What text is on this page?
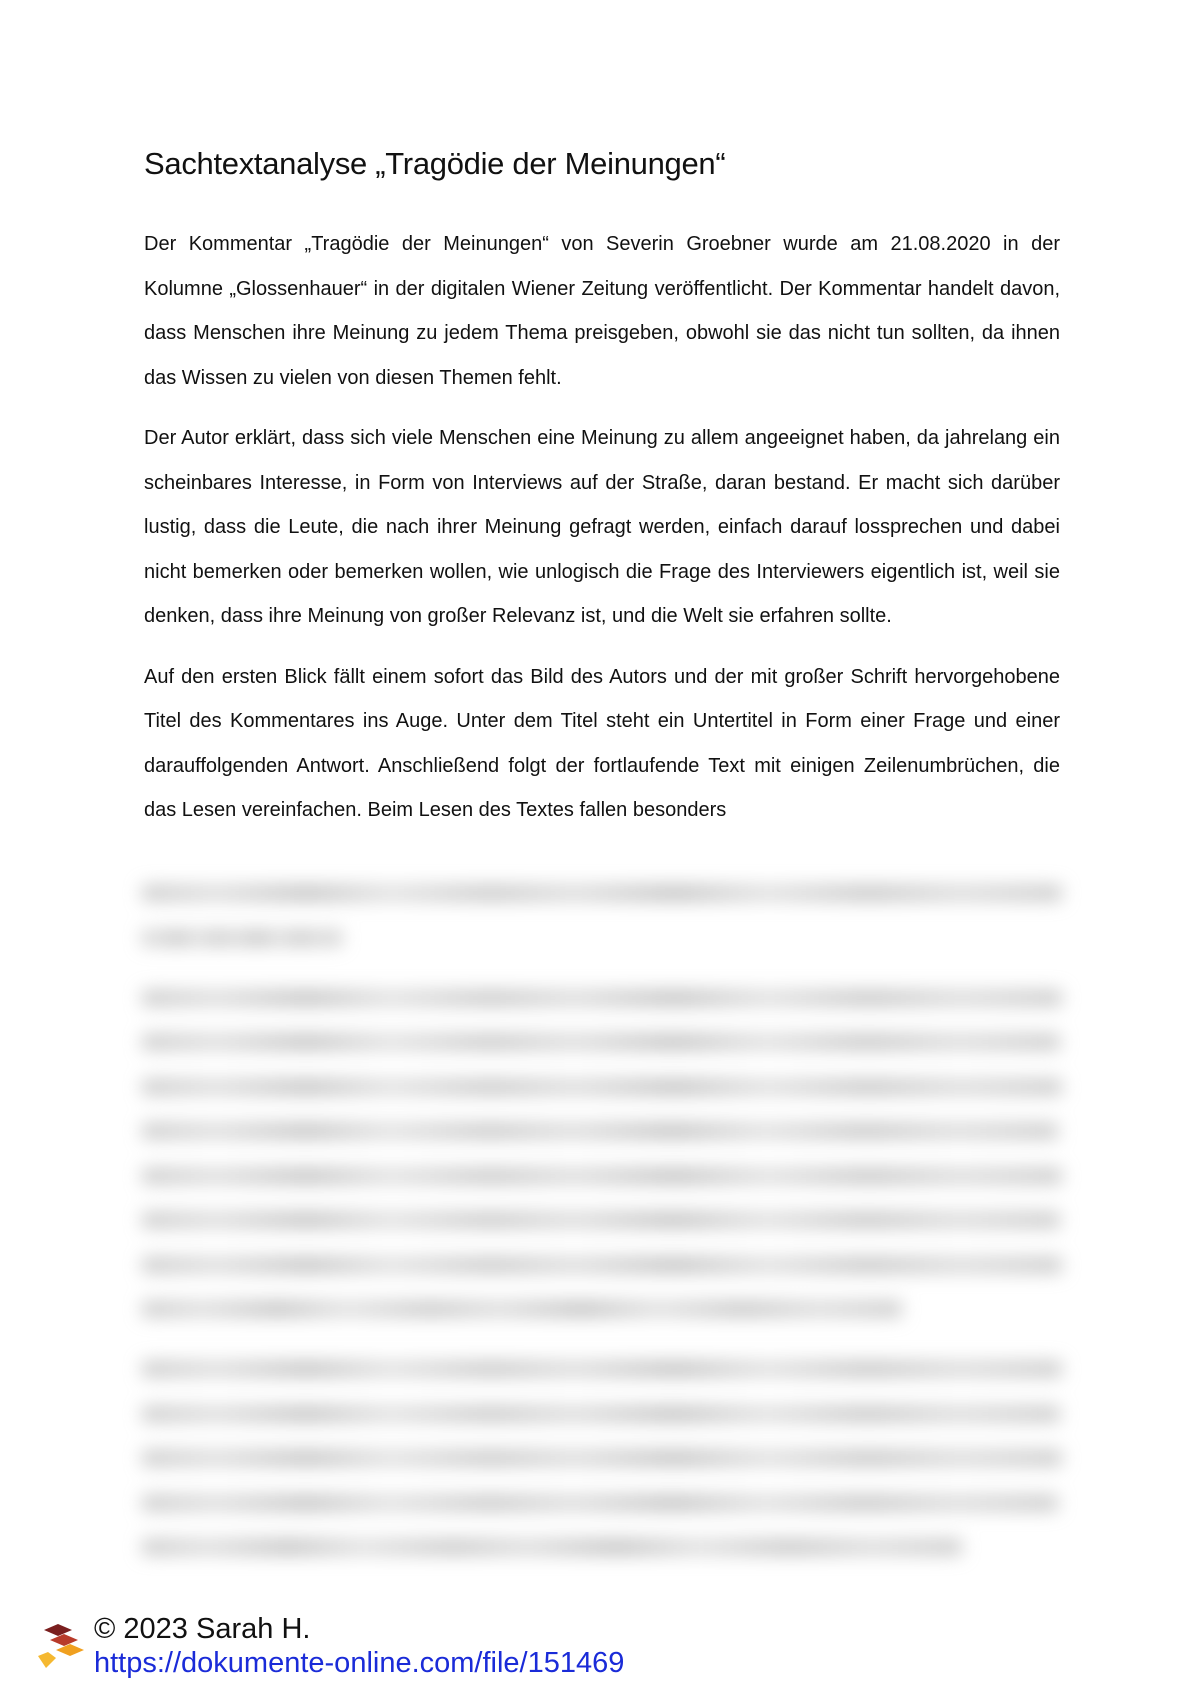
Sachtextanalyse „Tragödie der Meinungen“

Der Kommentar „Tragödie der Meinungen“ von Severin Groebner wurde am 21.08.2020 in der Kolumne „Glossenhauer“ in der digitalen Wiener Zeitung veröffentlicht. Der Kommentar handelt davon, dass Menschen ihre Meinung zu jedem Thema preisgeben, obwohl sie das nicht tun sollten, da ihnen das Wissen zu vielen von diesen Themen fehlt.

Der Autor erklärt, dass sich viele Menschen eine Meinung zu allem angeeignet haben, da jahrelang ein scheinbares Interesse, in Form von Interviews auf der Straße, daran bestand. Er macht sich darüber lustig, dass die Leute, die nach ihrer Meinung gefragt werden, einfach darauf lossprechen und dabei nicht bemerken oder bemerken wollen, wie unlogisch die Frage des Interviewers eigentlich ist, weil sie denken, dass ihre Meinung von großer Relevanz ist, und die Welt sie erfahren sollte.

Auf den ersten Blick fällt einem sofort das Bild des Autors und der mit großer Schrift hervorgehobene Titel des Kommentares ins Auge. Unter dem Titel steht ein Untertitel in Form einer Frage und einer darauffolgenden Antwort. Anschließend folgt der fortlaufende Text mit einigen Zeilenumbrüchen, die das Lesen vereinfachen. Beim Lesen des Textes fallen besonders

© 2023 Sarah H.
https://dokumente-online.com/file/151469
